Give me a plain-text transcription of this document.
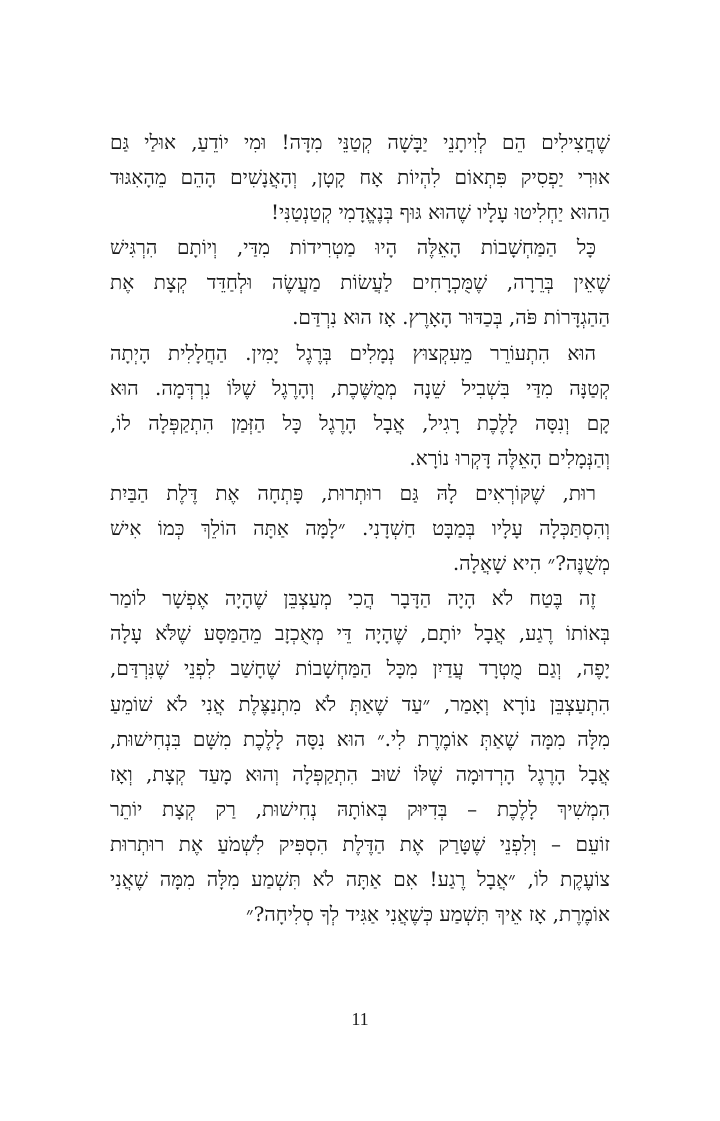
שֶׁחֲצִילִים הֵם לְוִיתָנֵי יַבָּשָׁה קְטַנֵּי מִדָּה! וּמִי יוֹדֵעַ, אוּלַי גַּם
אוּרִי יַפְסִיק פִּתְאוֹם לִהְיוֹת אָח קָטָן, וְהָאֲנָשִׁים הָהֵם מֵהָאִגּוּד
הַהוּא יַחְלִיטוּ עָלָיו שֶׁהוּא גּוּף בְּנֶאֱדָמִי קְטַנְטַנִּי!
כָּל הַמַּחְשָׁבוֹת הָאֵלֶּה הָיוּ מַטְרִידוֹת מִדַּי, וְיוֹתָם הִרְגִּישׁ
שֶׁאֵין בְּרֵרָה, שֶׁמֻּכְרָחִים לַעֲשׂוֹת מַעֲשֶׂה וּלְחַדֵּד קְצָת אֶת
הַהַגְדָּרוֹת פֹּה, בְּכַדּוּר הָאָרֶץ. אָז הוּא נִרְדַּם.
הוּא הִתְעוֹרֵר מֵעִקְצוּץ נְמָלִים בְּרֶגֶל יָמִין. הַחֲלָלִית הָיְתָה
קְטַנָּה מִדַּי בִּשְׁבִיל שֵׁנָה מְמֻשֶּׁכֶת, וְהָרֶגֶל שֶׁלּוֹ נִרְדְּמָה. הוּא
קָם וְנִסָּה לָלֶכֶת רָגִיל, אֲבָל הָרֶגֶל כָּל הַזְּמַן הִתְקַפְּלָה לוֹ,
וְהַנְּמָלִים הָאֵלֶּה דָּקְרוּ נוֹרָא.
רוּת, שֶׁקּוֹרְאִים לָהּ גַּם רוּתְרוּת, פָּתְחָה אֶת דֶּלֶת הַבַּיִת
וְהִסְתַּכְּלָה עָלָיו בְּמַבָּט חַשְׁדָנִי. ״לָמָּה אַתָּה הוֹלֵךְ כְּמוֹ אִישׁ
מְשֻׁנֶּה?״ הִיא שָׁאֲלָה.
זֶה בֶּטַח לֹא הָיָה הַדָּבָר הֲכִי מְעַצְבֵּן שֶׁהָיָה אֶפְשָׁר לוֹמַר
בְּאוֹתוֹ רֶגַע, אֲבָל יוֹתָם, שֶׁהָיָה דֵּי מְאֻכְזָב מֵהַמַּסָּע שֶׁלֹּא עָלָה
יָפֶה, וְגַם מֻטְרָד עֲדַיִן מִכָּל הַמַּחְשָׁבוֹת שֶׁחָשַׁב לִפְנֵי שֶׁנִּרְדַּם,
הִתְעַצְבֵּן נוֹרָא וְאָמַר, ״עַד שֶׁאַתְּ לֹא מִתְנַצֶּלֶת אֲנִי לֹא שׁוֹמֵעַ
מִלָּה מִמָּה שֶׁאַתְּ אוֹמֶרֶת לִי.״ הוּא נִסָּה לָלֶכֶת מִשָּׁם בִּנְחִישׁוּת,
אֲבָל הָרֶגֶל הָרְדוּמָה שֶׁלּוֹ שׁוּב הִתְקַפְּלָה וְהוּא מָעַד קְצָת, וְאָז
הִמְשִׁיךְ לָלֶכֶת – בְּדִיּוּק בְּאוֹתָהּ נְחִישׁוּת, רַק קְצָת יוֹתֵר
זוֹעֵם – וְלִפְנֵי שֶׁטָּרַק אֶת הַדֶּלֶת הִסְפִּיק לִשְׁמֹעַ אֶת רוּתְרוּת
צוֹעֶקֶת לוֹ, ״אֲבָל רֶגַע! אִם אַתָּה לֹא תִּשְׁמַע מִלָּה מִמָּה שֶׁאֲנִי
אוֹמֶרֶת, אָז אֵיךְ תִּשְׁמַע כְּשֶׁאֲנִי אַגִּיד לְךָ סְלִיחָה?״
11
